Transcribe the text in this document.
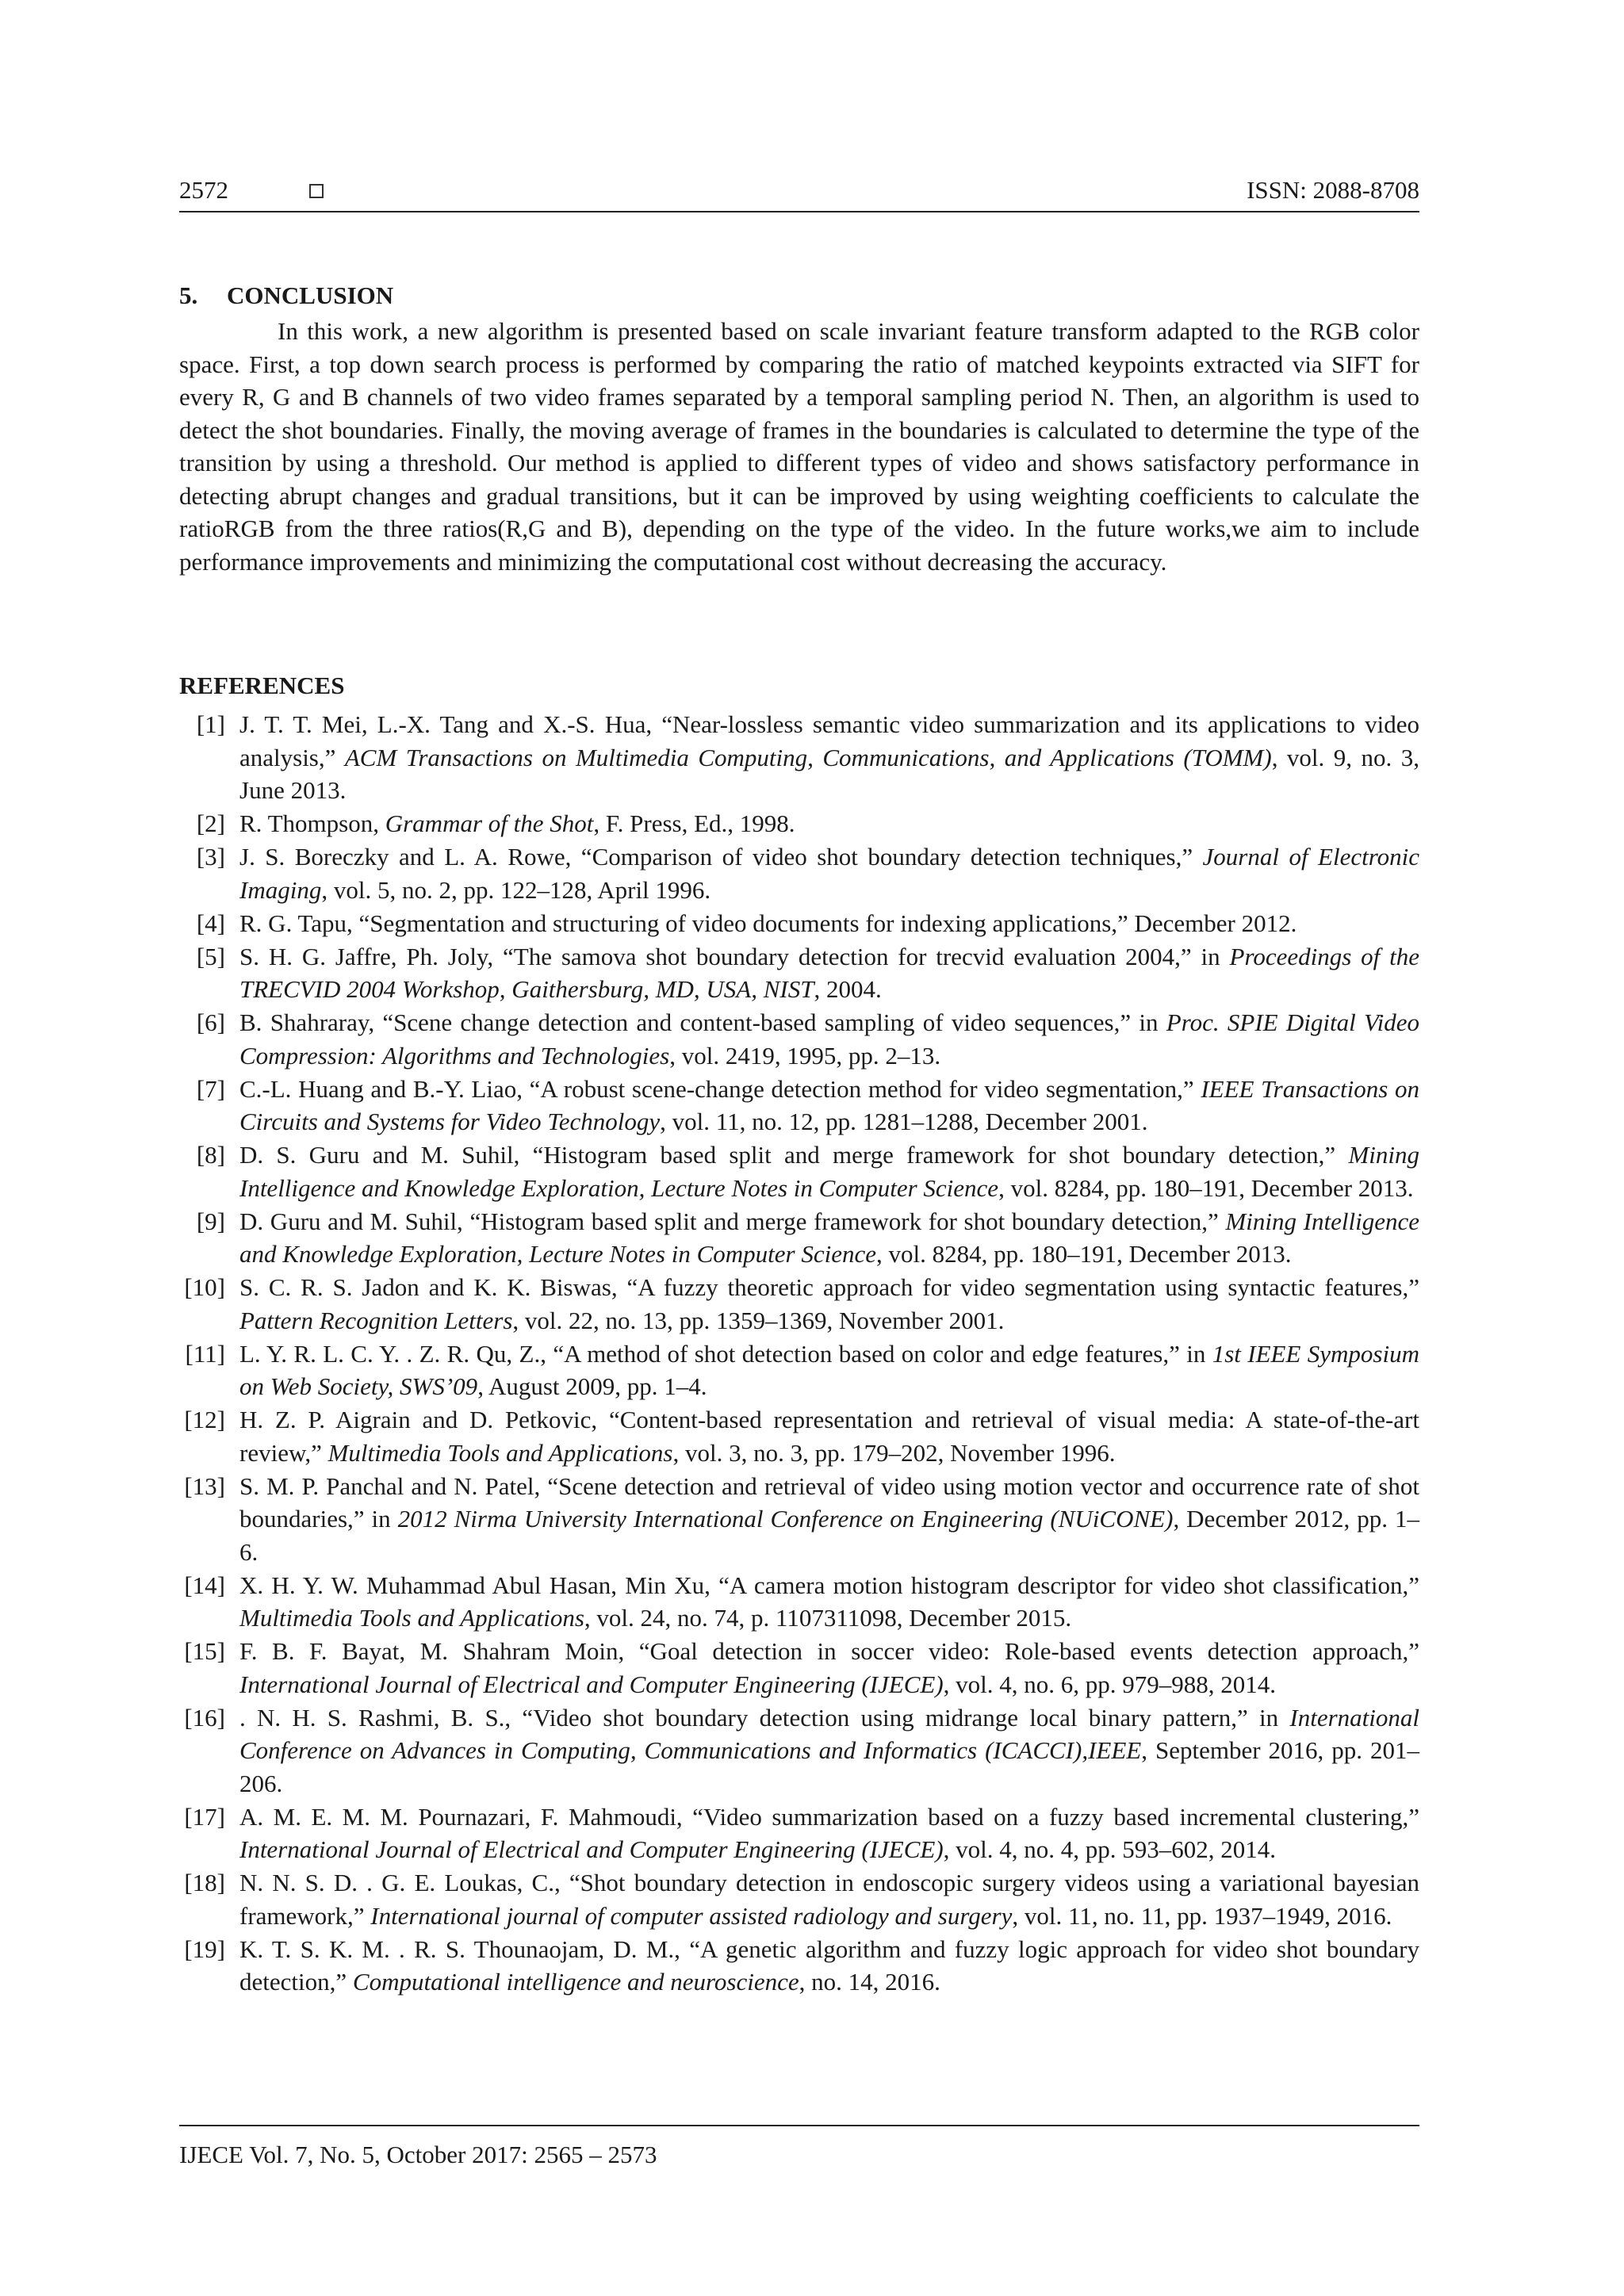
2572	ISSN: 2088-8708
5. CONCLUSION

In this work, a new algorithm is presented based on scale invariant feature transform adapted to the RGB color space. First, a top down search process is performed by comparing the ratio of matched keypoints extracted via SIFT for every R, G and B channels of two video frames separated by a temporal sampling period N. Then, an algorithm is used to detect the shot boundaries. Finally, the moving average of frames in the boundaries is calculated to determine the type of the transition by using a threshold. Our method is applied to different types of video and shows satisfactory performance in detecting abrupt changes and gradual transitions, but it can be improved by using weighting coefficients to calculate the ratioRGB from the three ratios(R,G and B), depending on the type of the video. In the future works,we aim to include performance improvements and minimizing the computational cost without decreasing the accuracy.

REFERENCES
[1] J. T. T. Mei, L.-X. Tang and X.-S. Hua, “Near-lossless semantic video summarization and its applications to video analysis,” ACM Transactions on Multimedia Computing, Communications, and Applications (TOMM), vol. 9, no. 3, June 2013.
[2] R. Thompson, Grammar of the Shot, F. Press, Ed., 1998.
[3] J. S. Boreczky and L. A. Rowe, “Comparison of video shot boundary detection techniques,” Journal of Electronic Imaging, vol. 5, no. 2, pp. 122–128, April 1996.
[4] R. G. Tapu, “Segmentation and structuring of video documents for indexing applications,” December 2012.
[5] S. H. G. Jaffre, Ph. Joly, “The samova shot boundary detection for trecvid evaluation 2004,” in Proceedings of the TRECVID 2004 Workshop, Gaithersburg, MD, USA, NIST, 2004.
[6] B. Shahraray, “Scene change detection and content-based sampling of video sequences,” in Proc. SPIE Digital Video Compression: Algorithms and Technologies, vol. 2419, 1995, pp. 2–13.
[7] C.-L. Huang and B.-Y. Liao, “A robust scene-change detection method for video segmentation,” IEEE Transactions on Circuits and Systems for Video Technology, vol. 11, no. 12, pp. 1281–1288, December 2001.
[8] D. S. Guru and M. Suhil, “Histogram based split and merge framework for shot boundary detection,” Mining Intelligence and Knowledge Exploration, Lecture Notes in Computer Science, vol. 8284, pp. 180–191, December 2013.
[9] D. Guru and M. Suhil, “Histogram based split and merge framework for shot boundary detection,” Mining Intelligence and Knowledge Exploration, Lecture Notes in Computer Science, vol. 8284, pp. 180–191, December 2013.
[10] S. C. R. S. Jadon and K. K. Biswas, “A fuzzy theoretic approach for video segmentation using syntactic features,” Pattern Recognition Letters, vol. 22, no. 13, pp. 1359–1369, November 2001.
[11] L. Y. R. L. C. Y. . Z. R. Qu, Z., “A method of shot detection based on color and edge features,” in 1st IEEE Symposium on Web Society, SWS’09, August 2009, pp. 1–4.
[12] H. Z. P. Aigrain and D. Petkovic, “Content-based representation and retrieval of visual media: A state-of-the-art review,” Multimedia Tools and Applications, vol. 3, no. 3, pp. 179–202, November 1996.
[13] S. M. P. Panchal and N. Patel, “Scene detection and retrieval of video using motion vector and occurrence rate of shot boundaries,” in 2012 Nirma University International Conference on Engineering (NUiCONE), December 2012, pp. 1–6.
[14] X. H. Y. W. Muhammad Abul Hasan, Min Xu, “A camera motion histogram descriptor for video shot classification,” Multimedia Tools and Applications, vol. 24, no. 74, p. 1107311098, December 2015.
[15] F. B. F. Bayat, M. Shahram Moin, “Goal detection in soccer video: Role-based events detection approach,” International Journal of Electrical and Computer Engineering (IJECE), vol. 4, no. 6, pp. 979–988, 2014.
[16] . N. H. S. Rashmi, B. S., “Video shot boundary detection using midrange local binary pattern,” in International Conference on Advances in Computing, Communications and Informatics (ICACCI),IEEE, September 2016, pp. 201–206.
[17] A. M. E. M. M. Pournazari, F. Mahmoudi, “Video summarization based on a fuzzy based incremental clustering,” International Journal of Electrical and Computer Engineering (IJECE), vol. 4, no. 4, pp. 593–602, 2014.
[18] N. N. S. D. . G. E. Loukas, C., “Shot boundary detection in endoscopic surgery videos using a variational bayesian framework,” International journal of computer assisted radiology and surgery, vol. 11, no. 11, pp. 1937–1949, 2016.
[19] K. T. S. K. M. . R. S. Thounaojam, D. M., “A genetic algorithm and fuzzy logic approach for video shot boundary detection,” Computational intelligence and neuroscience, no. 14, 2016.
IJECE Vol. 7, No. 5, October 2017: 2565 – 2573
